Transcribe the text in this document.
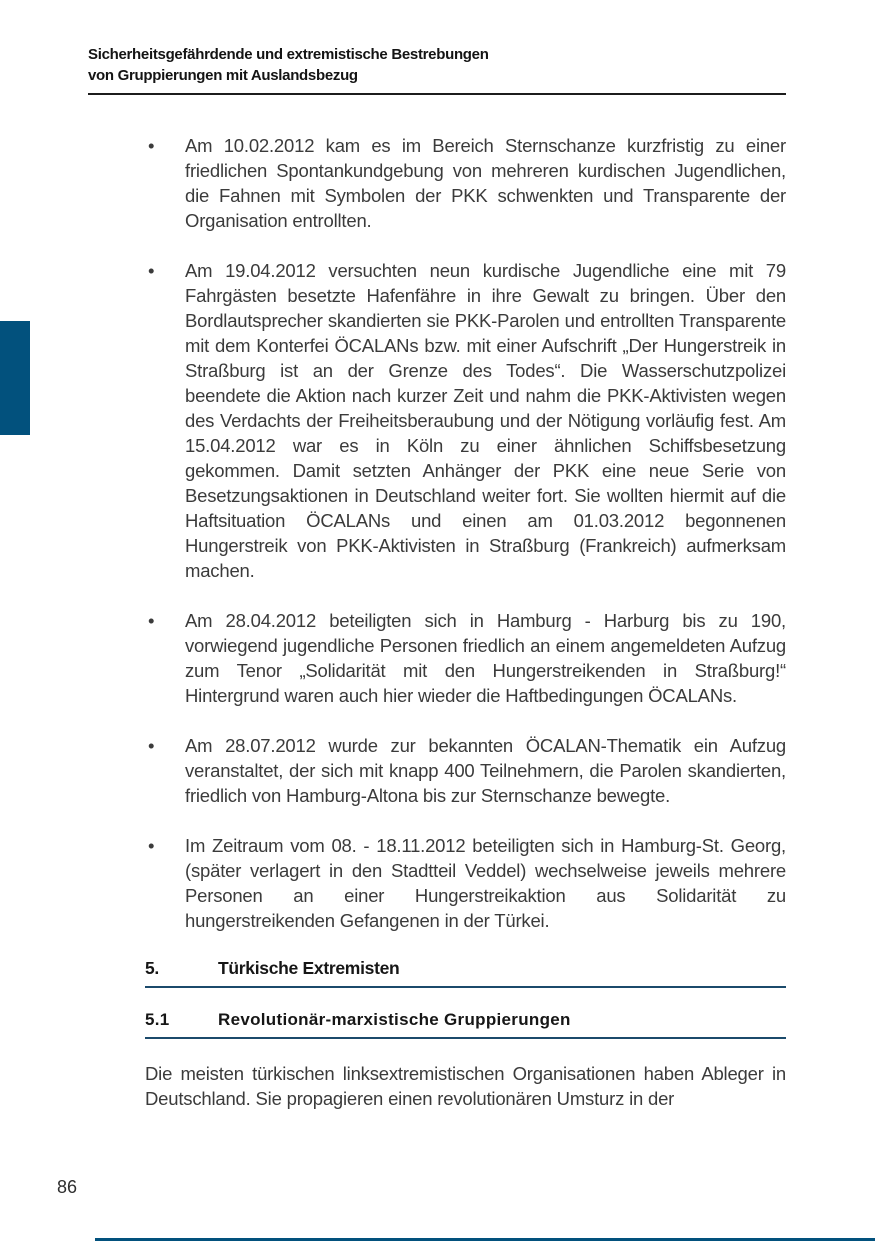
Sicherheitsgefährdende und extremistische Bestrebungen
von Gruppierungen mit Auslandsbezug
• Am 10.02.2012 kam es im Bereich Sternschanze kurzfristig zu einer friedlichen Spontankundgebung von mehreren kurdischen Jugendlichen, die Fahnen mit Symbolen der PKK schwenkten und Transparente der Organisation entrollten.
• Am 19.04.2012 versuchten neun kurdische Jugendliche eine mit 79 Fahrgästen besetzte Hafenfähre in ihre Gewalt zu bringen. Über den Bordlautsprecher skandierten sie PKK-Parolen und entrollten Transparente mit dem Konterfei ÖCALANs bzw. mit einer Aufschrift „Der Hungerstreik in Straßburg ist an der Grenze des Todes“. Die Wasserschutzpolizei beendete die Aktion nach kurzer Zeit und nahm die PKK-Aktivisten wegen des Verdachts der Freiheitsberaubung und der Nötigung vorläufig fest. Am 15.04.2012 war es in Köln zu einer ähnlichen Schiffsbesetzung gekommen. Damit setzten Anhänger der PKK eine neue Serie von Besetzungsaktionen in Deutschland weiter fort. Sie wollten hiermit auf die Haftsituation ÖCALANs und einen am 01.03.2012 begonnenen Hungerstreik von PKK-Aktivisten in Straßburg (Frankreich) aufmerksam machen.
• Am 28.04.2012 beteiligten sich in Hamburg - Harburg bis zu 190, vorwiegend jugendliche Personen friedlich an einem angemeldeten Aufzug zum Tenor „Solidarität mit den Hungerstreikenden in Straßburg!“ Hintergrund waren auch hier wieder die Haftbedingungen ÖCALANs.
• Am 28.07.2012 wurde zur bekannten ÖCALAN-Thematik ein Aufzug veranstaltet, der sich mit knapp 400 Teilnehmern, die Parolen skandierten, friedlich von Hamburg-Altona bis zur Sternschanze bewegte.
• Im Zeitraum vom 08. - 18.11.2012 beteiligten sich in Hamburg-St. Georg, (später verlagert in den Stadtteil Veddel) wechselweise jeweils mehrere Personen an einer Hungerstreikaktion aus Solidarität zu hungerstreikenden Gefangenen in der Türkei.
5.	Türkische Extremisten
5.1	Revolutionär-marxistische Gruppierungen

Die meisten türkischen linksextremistischen Organisationen haben Ableger in Deutschland. Sie propagieren einen revolutionären Umsturz in der

86
